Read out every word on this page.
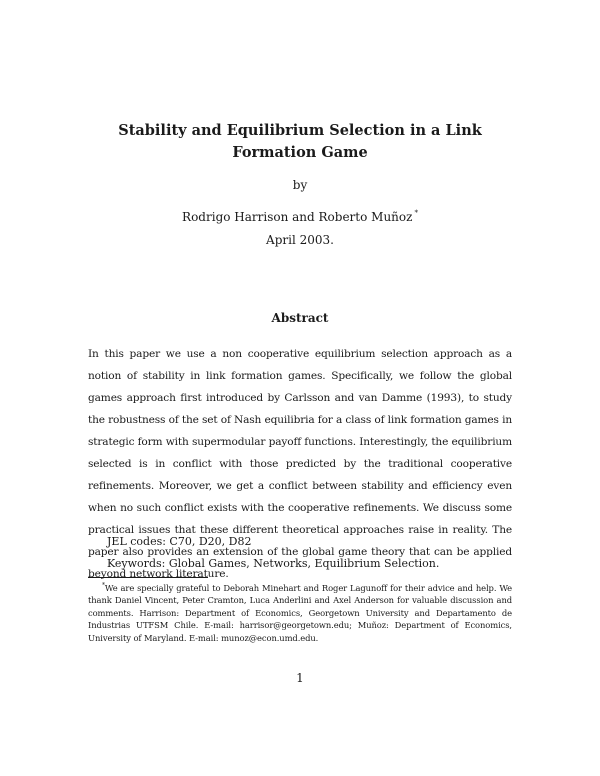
Stability and Equilibrium Selection in a Link Formation Game
by
Rodrigo Harrison and Roberto Muñoz *
April 2003.
Abstract

In this paper we use a non cooperative equilibrium selection approach as a notion of stability in link formation games. Specifically, we follow the global games approach first introduced by Carlsson and van Damme (1993), to study the robustness of the set of Nash equilibria for a class of link formation games in strategic form with supermodular payoff functions. Interestingly, the equilibrium selected is in conflict with those predicted by the traditional cooperative refinements. Moreover, we get a conflict between stability and efficiency even when no such conflict exists with the cooperative refinements. We discuss some practical issues that these different theoretical approaches raise in reality. The paper also provides an extension of the global game theory that can be applied beyond network literature.

JEL codes: C70, D20, D82
Keywords: Global Games, Networks, Equilibrium Selection.

*We are specially grateful to Deborah Minehart and Roger Lagunoff for their advice and help. We thank Daniel Vincent, Peter Cramton, Luca Anderlini and Axel Anderson for valuable discussion and comments. Harrison: Department of Economics, Georgetown University and Departamento de Industrias UTFSM Chile. E-mail: harrisor@georgetown.edu; Muñoz: Department of Economics, University of Maryland. E-mail: munoz@econ.umd.edu.

1
